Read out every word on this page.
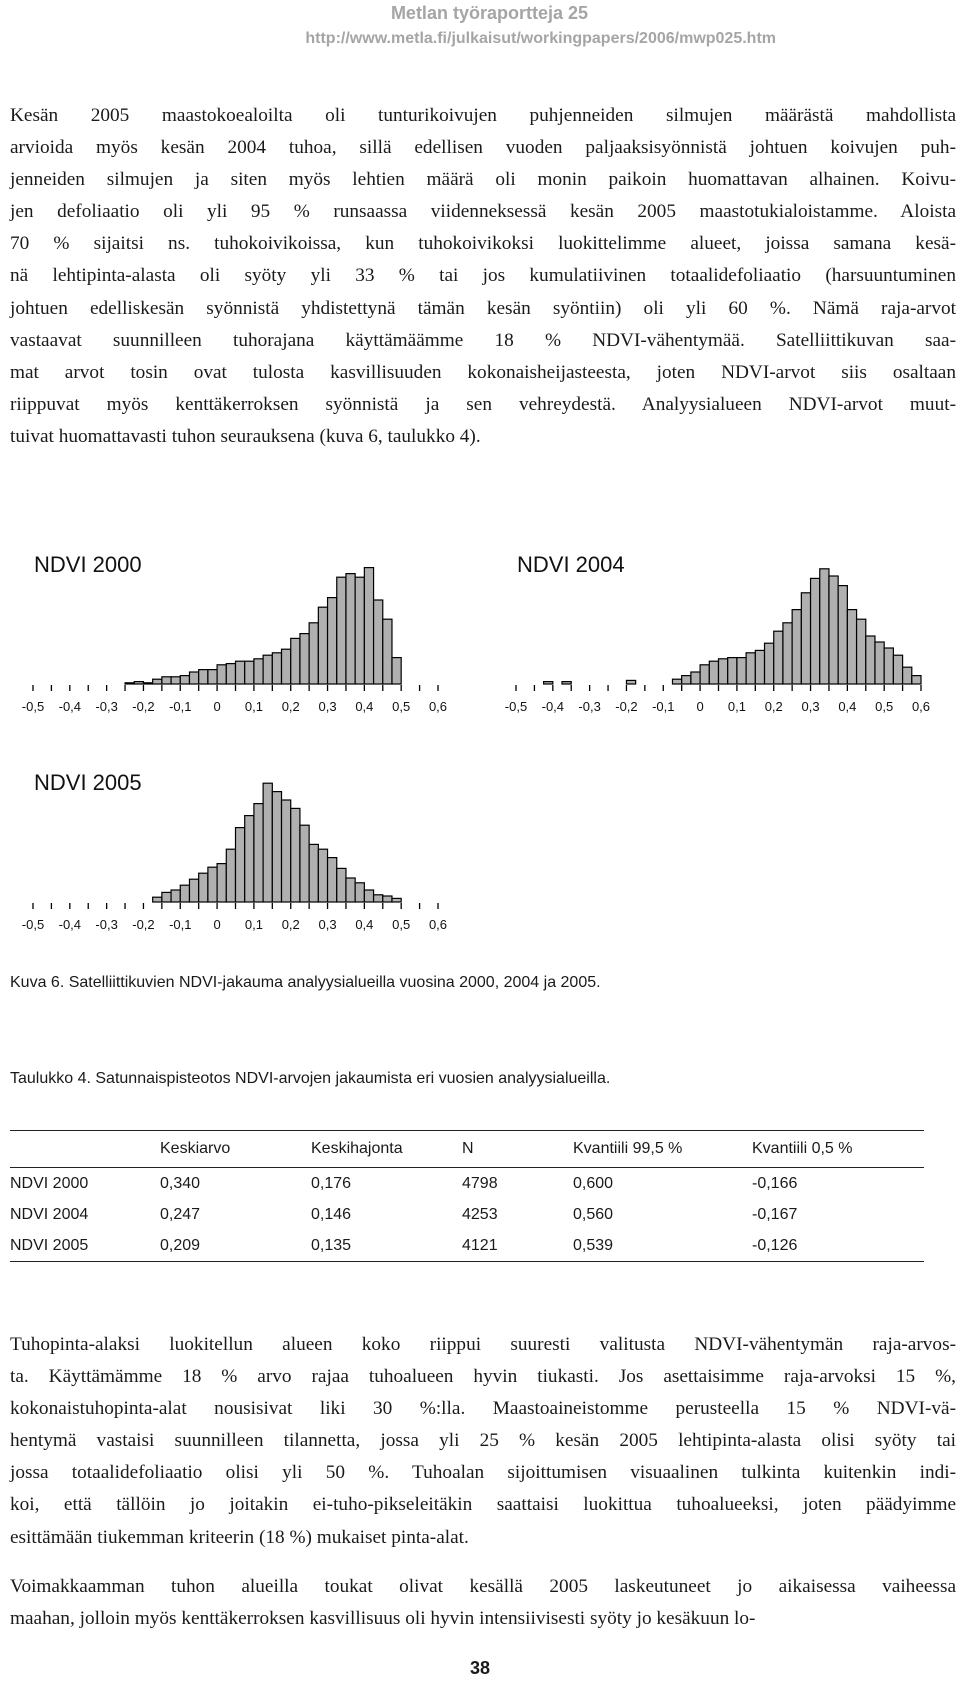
Metlan työraportteja 25
http://www.metla.fi/julkaisut/workingpapers/2006/mwp025.htm
Kesän 2005 maastokoealoilta oli tunturikoivujen puhjenneiden silmujen määrästä mahdollista
arvioida myös kesän 2004 tuhoa, sillä edellisen vuoden paljaaksisyönnistä johtuen koivujen puh-
jenneiden silmujen ja siten myös lehtien määrä oli monin paikoin huomattavan alhainen. Koivu-
jen defoliaatio oli yli 95 % runsaassa viidenneksessä kesän 2005 maastotukialoistamme. Aloista
70 % sijaitsi ns. tuhokoivikoissa, kun tuhokoivikoksi luokittelimme alueet, joissa samana kesä-
nä lehtipinta-alasta oli syöty yli 33 % tai jos kumulatiivinen totaalidefoliaatio (harsuuntuminen
johtuen edelliskesän syönnistä yhdistettynä tämän kesän syöntiin) oli yli 60 %. Nämä raja-arvot
vastaavat suunnilleen tuhorajana käyttämäämme 18 % NDVI-vähentymää. Satelliittikuvan saa-
mat arvot tosin ovat tulosta kasvillisuuden kokonaisheijasteesta, joten NDVI-arvot siis osaltaan
riippuvat myös kenttäkerroksen syönnistä ja sen vehreydestä. Analyysialueen NDVI-arvot muut-
tuivat huomattavasti tuhon seurauksena (kuva 6, taulukko 4).
NDVI 2000
-0,5 -0,4 -0,3 -0,2 -0,1 0 0,1 0,2 0,3 0,4 0,5 0,6
NDVI 2004
-0,5 -0,4 -0,3 -0,2 -0,1 0 0,1 0,2 0,3 0,4 0,5 0,6
NDVI 2005
-0,5 -0,4 -0,3 -0,2 -0,1 0 0,1 0,2 0,3 0,4 0,5 0,6
Kuva 6. Satelliittikuvien NDVI-jakauma analyysialueilla vuosina 2000, 2004 ja 2005.
Taulukko 4. Satunnaispisteotos NDVI-arvojen jakaumista eri vuosien analyysialueilla.
	Keskiarvo	Keskihajonta	N	Kvantiili 99,5 %	Kvantiili 0,5 %
NDVI 2000	0,340	0,176	4798	0,600	-0,166
NDVI 2004	0,247	0,146	4253	0,560	-0,167
NDVI 2005	0,209	0,135	4121	0,539	-0,126
Tuhopinta-alaksi luokitellun alueen koko riippui suuresti valitusta NDVI-vähentymän raja-arvos-
ta. Käyttämämme 18 % arvo rajaa tuhoalueen hyvin tiukasti. Jos asettaisimme raja-arvoksi 15 %,
kokonaistuhopinta-alat nousisivat liki 30 %:lla. Maastoaineistomme perusteella 15 % NDVI-vä-
hentymä vastaisi suunnilleen tilannetta, jossa yli 25 % kesän 2005 lehtipinta-alasta olisi syöty tai
jossa totaalidefoliaatio olisi yli 50 %. Tuhoalan sijoittumisen visuaalinen tulkinta kuitenkin indi-
koi, että tällöin jo joitakin ei-tuho-pikseleitäkin saattaisi luokittua tuhoalueeksi, joten päädyimme
esittämään tiukemman kriteerin (18 %) mukaiset pinta-alat.
Voimakkaamman tuhon alueilla toukat olivat kesällä 2005 laskeutuneet jo aikaisessa vaiheessa
maahan, jolloin myös kenttäkerroksen kasvillisuus oli hyvin intensiivisesti syöty jo kesäkuun lo-
38
